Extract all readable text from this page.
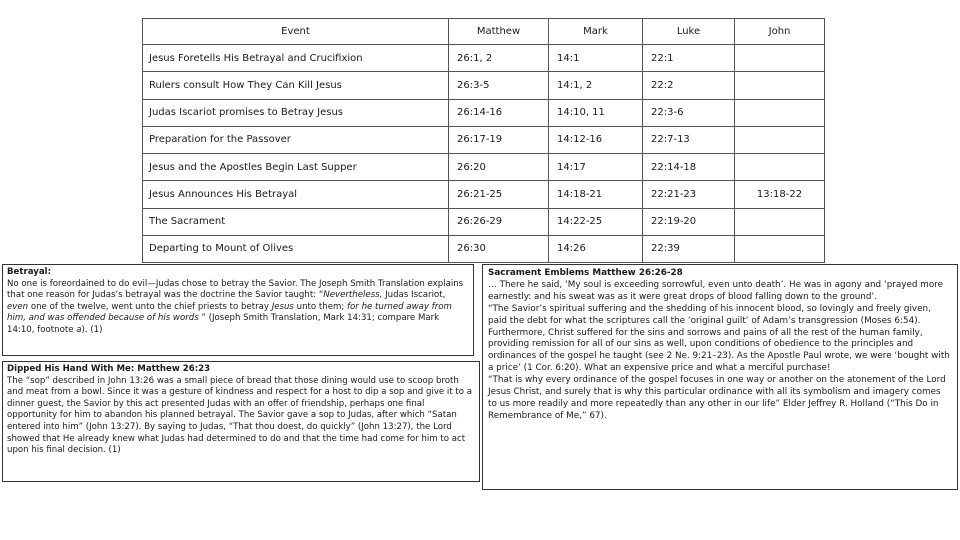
Event	Matthew	Mark	Luke	John
Jesus Foretells His Betrayal and Crucifixion	26:1, 2	14:1	22:1	
Rulers consult How They Can Kill Jesus	26:3-5	14:1, 2	22:2	
Judas Iscariot promises to Betray Jesus	26:14-16	14:10, 11	22:3-6	
Preparation for the Passover	26:17-19	14:12-16	22:7-13	
Jesus and the Apostles Begin Last Supper	26:20	14:17	22:14-18	
Jesus Announces His Betrayal	26:21-25	14:18-21	22:21-23	13:18-22
The Sacrament	26:26-29	14:22-25	22:19-20	
Departing to Mount of Olives	26:30	14:26	22:39	
Betrayal:

No one is foreordained to do evil—Judas chose to betray the Savior. The Joseph Smith Translation explains that one reason for Judas’s betrayal was the doctrine the Savior taught: “Nevertheless, Judas Iscariot, even one of the twelve, went unto the chief priests to betray Jesus unto them; for he turned away from him, and was offended because of his words ” (Joseph Smith Translation, Mark 14:31; compare Mark 14:10, footnote a). (1)

Dipped His Hand With Me: Matthew 26:23

The “sop” described in John 13:26 was a small piece of bread that those dining would use to scoop broth and meat from a bowl. Since it was a gesture of kindness and respect for a host to dip a sop and give it to a dinner guest, the Savior by this act presented Judas with an offer of friendship, perhaps one final opportunity for him to abandon his planned betrayal. The Savior gave a sop to Judas, after which “Satan entered into him” (John 13:27). By saying to Judas, “That thou doest, do quickly” (John 13:27), the Lord showed that He already knew what Judas had determined to do and that the time had come for him to act upon his final decision. (1)

Sacrament Emblems Matthew 26:26-28

… There he said, ‘My soul is exceeding sorrowful, even unto death’. He was in agony and ‘prayed more earnestly: and his sweat was as it were great drops of blood falling down to the ground’.

“The Savior’s spiritual suffering and the shedding of his innocent blood, so lovingly and freely given, paid the debt for what the scriptures call the ‘original guilt’ of Adam’s transgression (Moses 6:54). Furthermore, Christ suffered for the sins and sorrows and pains of all the rest of the human family, providing remission for all of our sins as well, upon conditions of obedience to the principles and ordinances of the gospel he taught (see 2 Ne. 9:21–23). As the Apostle Paul wrote, we were ‘bought with a price’ (1 Cor. 6:20). What an expensive price and what a merciful purchase!

“That is why every ordinance of the gospel focuses in one way or another on the atonement of the Lord Jesus Christ, and surely that is why this particular ordinance with all its symbolism and imagery comes to us more readily and more repeatedly than any other in our life” Elder Jeffrey R. Holland (“This Do in Remembrance of Me,” 67).
